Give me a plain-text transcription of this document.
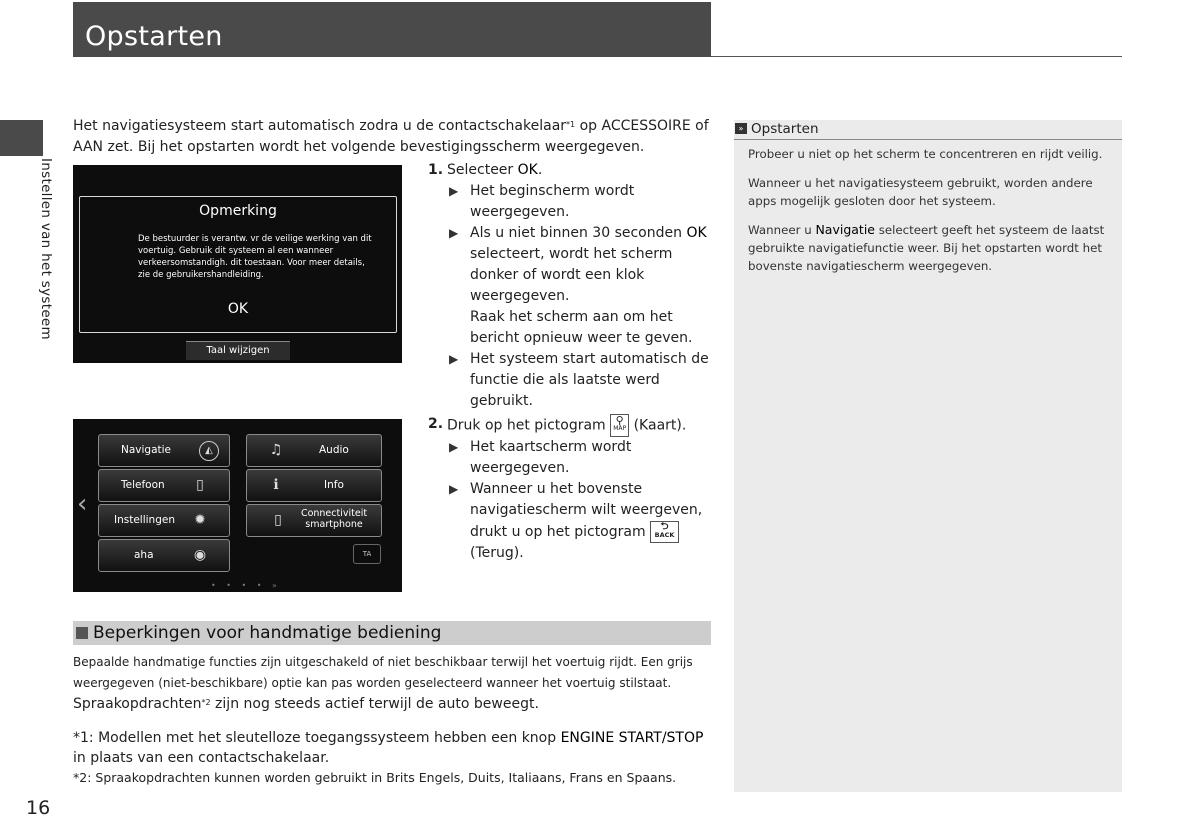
Opstarten
Instellen van het systeem
16
Het navigatiesysteem start automatisch zodra u de contactschakelaar$^{*1}$ op ACCESSOIRE of AAN zet. Bij het opstarten wordt het volgende bevestigingsscherm weergegeven.
Opmerking
De bestuurder is verantw. vr de veilige werking van dit voertuig. Gebruik dit systeem al een wanneer verkeersomstandigh. dit toestaan. Voor meer details, zie de gebruikershandleiding.
OK
Taal wijzigen
‹
Navigatie	◭	♫	Audio
Telefoon	▯	ℹ	Info
Instellingen ✹	▯	Connectiviteit smartphone
aha	◉	TA
• • • • »
1. Selecteer OK.
▶ Het beginscherm wordt weergegeven.
▶ Als u niet binnen 30 seconden OK selecteert, wordt het scherm donker of wordt een klok weergegeven.
Raak het scherm aan om het bericht opnieuw weer te geven.
▶ Het systeem start automatisch de functie die als laatste werd gebruikt.
2. Druk op het pictogram ⚲
MAP (Kaart).
▶ Het kaartscherm wordt weergegeven.
▶ Wanneer u het bovenste navigatiescherm wilt weergeven, drukt u op het pictogram	⮌
BACK
(Terug).
Beperkingen voor handmatige bediening
Bepaalde handmatige functies zijn uitgeschakeld of niet beschikbaar terwijl het voertuig rijdt. Een grijs weergegeven (niet-beschikbare) optie kan pas worden geselecteerd wanneer het voertuig stilstaat.
Spraakopdrachten$^{*2}$ zijn nog steeds actief terwijl de auto beweegt.
*1: Modellen met het sleutelloze toegangssysteem hebben een knop ENGINE START/STOP in plaats van een contactschakelaar.
*2: Spraakopdrachten kunnen worden gebruikt in Brits Engels, Duits, Italiaans, Frans en Spaans.
» Opstarten

Probeer u niet op het scherm te concentreren en rijdt veilig.

Wanneer u het navigatiesysteem gebruikt, worden andere apps mogelijk gesloten door het systeem.

Wanneer u Navigatie selecteert geeft het systeem de laatst gebruikte navigatiefunctie weer. Bij het opstarten wordt het bovenste navigatiescherm weergegeven.
